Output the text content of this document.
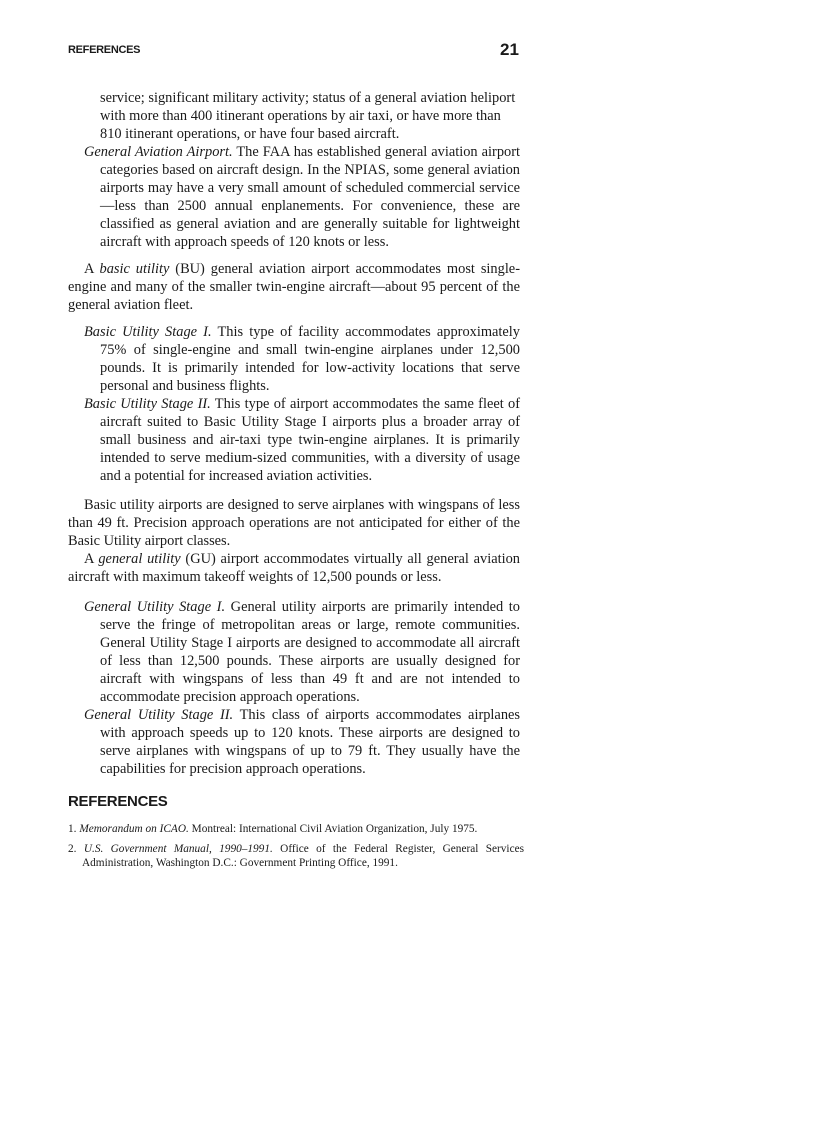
REFERENCES	21
service; significant military activity; status of a general aviation heliport
with more than 400 itinerant operations by air taxi, or have more than
810 itinerant operations, or have four based aircraft.

General Aviation Airport. The FAA has established general aviation airport categories based on aircraft design. In the NPIAS, some general aviation airports may have a very small amount of scheduled commercial service—less than 2500 annual enplanements. For convenience, these are classified as general aviation and are generally suitable for lightweight aircraft with approach speeds of 120 knots or less.

A basic utility (BU) general aviation airport accommodates most single-engine and many of the smaller twin-engine aircraft—about 95 percent of the general aviation fleet.

Basic Utility Stage I. This type of facility accommodates approximately 75% of single-engine and small twin-engine airplanes under 12,500 pounds. It is primarily intended for low-activity locations that serve personal and business flights.

Basic Utility Stage II. This type of airport accommodates the same fleet of aircraft suited to Basic Utility Stage I airports plus a broader array of small business and air-taxi type twin-engine airplanes. It is primarily intended to serve medium-sized communities, with a diversity of usage and a potential for increased aviation activities.

Basic utility airports are designed to serve airplanes with wingspans of less than 49 ft. Precision approach operations are not anticipated for either of the Basic Utility airport classes.

A general utility (GU) airport accommodates virtually all general aviation aircraft with maximum takeoff weights of 12,500 pounds or less.

General Utility Stage I. General utility airports are primarily intended to serve the fringe of metropolitan areas or large, remote communities. General Utility Stage I airports are designed to accommodate all aircraft of less than 12,500 pounds. These airports are usually designed for aircraft with wingspans of less than 49 ft and are not intended to accommodate precision approach operations.

General Utility Stage II. This class of airports accommodates airplanes with approach speeds up to 120 knots. These airports are designed to serve airplanes with wingspans of up to 79 ft. They usually have the capabilities for precision approach operations.

REFERENCES

1. Memorandum on ICAO. Montreal: International Civil Aviation Organization, July 1975.

2. U.S. Government Manual, 1990–1991. Office of the Federal Register, General Services Administration, Washington D.C.: Government Printing Office, 1991.
